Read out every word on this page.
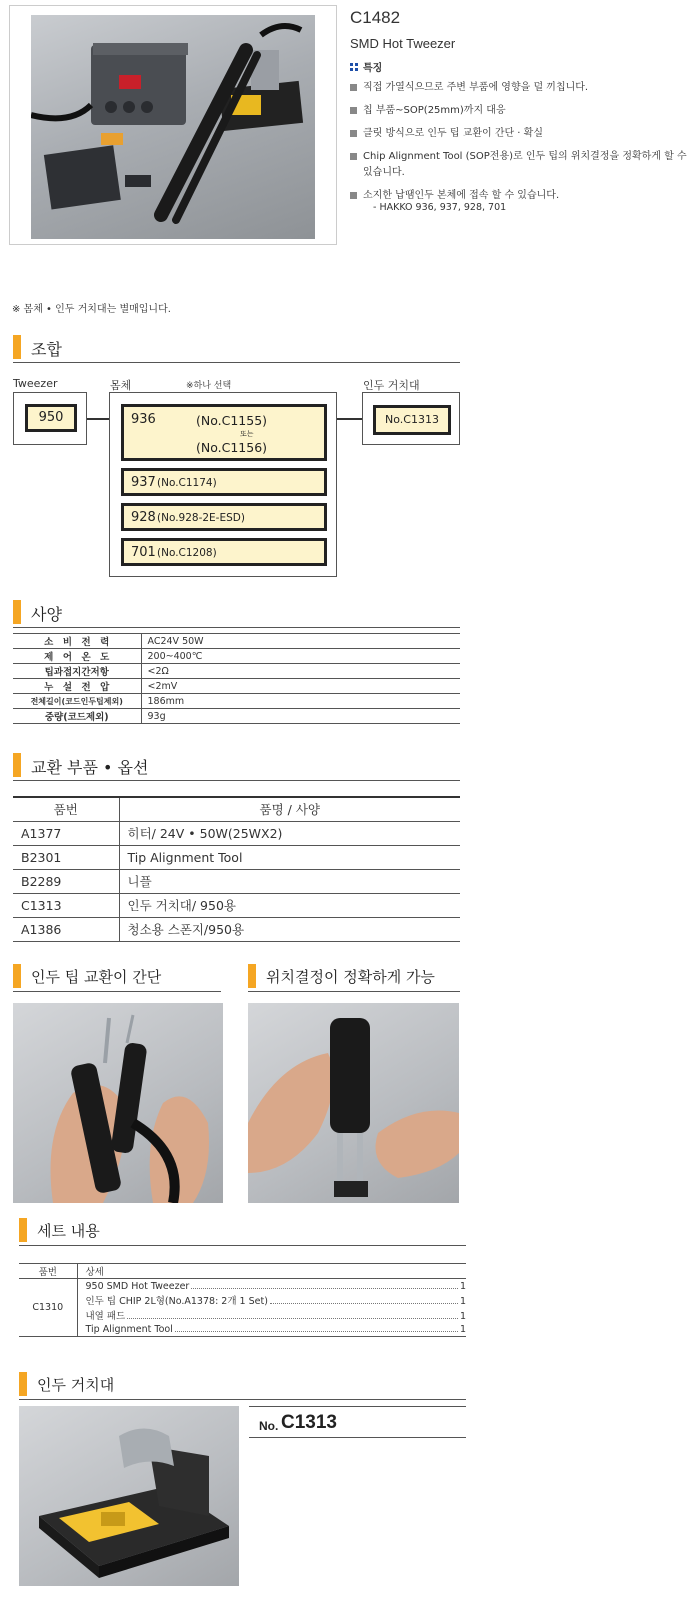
C1482
SMD Hot Tweezer
특징
직접 가열식으므로 주변 부품에 영향을 덜 끼칩니다.
칩 부품~SOP(25mm)까지 대응
클릿 방식으로 인두 팁 교환이 간단 · 확실
Chip Alignment Tool (SOP전용)로 인두 팁의 위치결정을 정확하게 할 수 있습니다.
소지한 납땜인두 본체에 접속 할 수 있습니다.
- HAKKO 936, 937, 928, 701
※ 몸체 • 인두 거치대는 별매입니다.
조합
Tweezer	몸체	※하나 선택	인두 거치대
950	936	(No.C1155)
또는
(No.C1156)
937 (No.C1174)
928 (No.928-2E-ESD)
701 (No.C1208)
No.C1313
사양
소　비　전　력	AC24V 50W
제　어　온　도	200~400℃
팁과접지간저항	<2Ω
누　설　전　압	<2mV
전체길이(코드인두팁제외)	186mm
중량(코드제외)	93g
교환 부품 • 옵션
품번	품명 / 사양
A1377	히터/ 24V • 50W(25WX2)
B2301	Tip Alignment Tool
B2289	니플
C1313	인두 거치대/ 950용
A1386	청소용 스폰지/950용
인두 팁 교환이 간단	위치결정이 정확하게 가능
세트 내용
품번	상세
C1310	950 SMD Hot Tweezer 1

	인두 팁 CHIP 2L형(No.A1378: 2개 1 Set) 1

	내열 패드 1

	Tip Alignment Tool 1
인두 거치대
No. C1313
